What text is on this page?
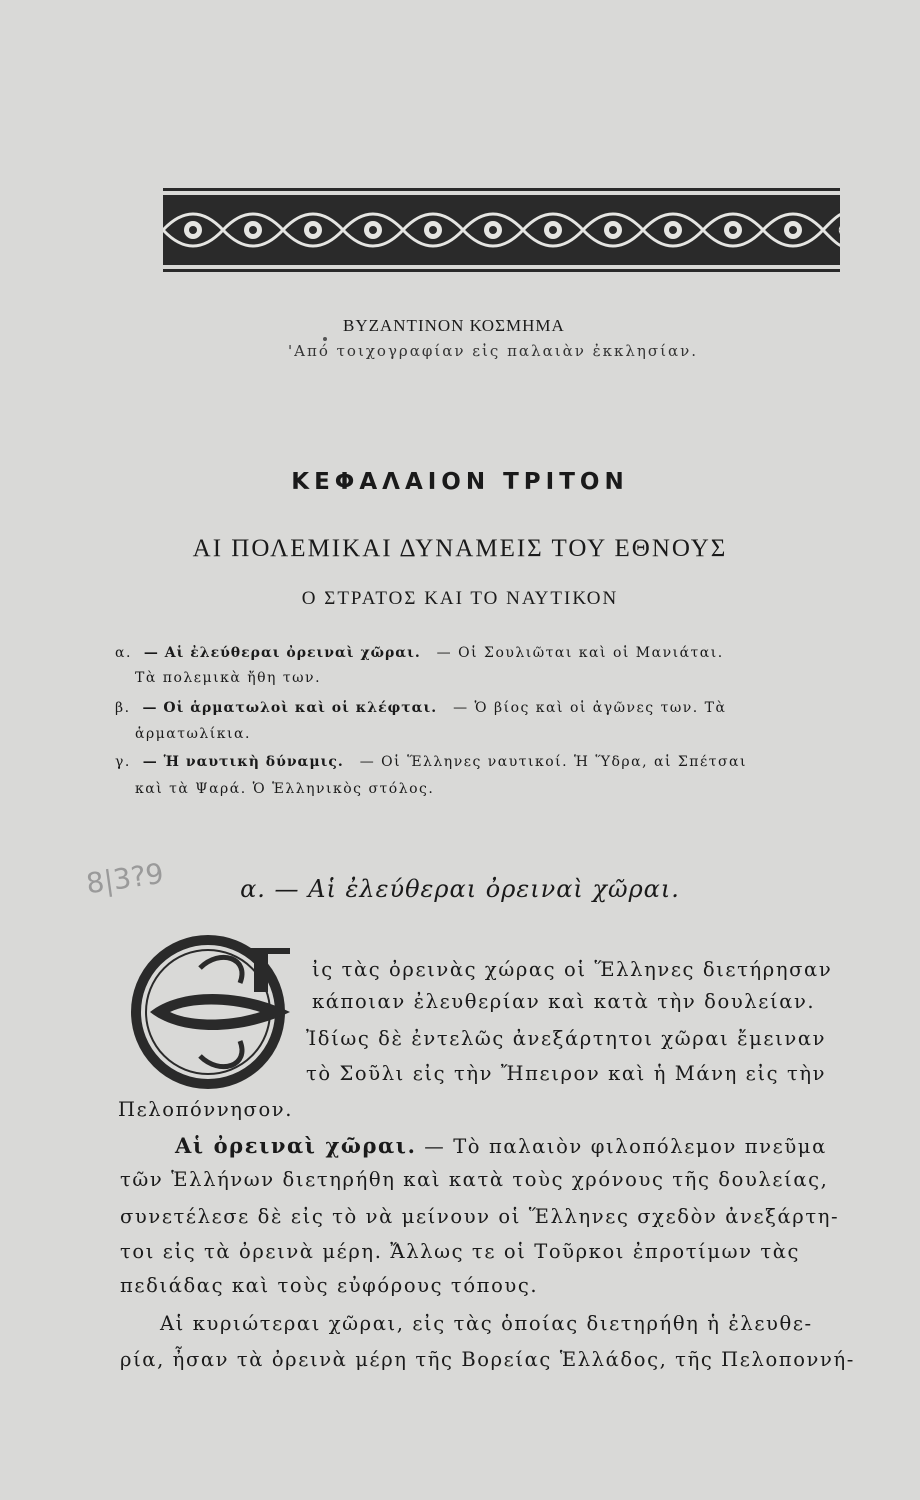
BYZANTINON ΚΟΣΜΗΜΑ
'Από τοιχογραφίαν εἰς παλαιὰν ἐκκλησίαν.
ΚΕΦΑΛΑΙΟΝ ΤΡΙΤΟΝ
ΑΙ ΠΟΛΕΜΙΚΑΙ ΔΥΝΑΜΕΙΣ ΤΟΥ ΕΘΝΟΥΣ
Ο ΣΤΡΑΤΟΣ ΚΑΙ ΤΟ ΝΑΥΤΙΚΟΝ
α. — Αἱ ἐλεύθεραι ὀρειναὶ χῶραι. — Οἱ Σουλιῶται καὶ οἱ Μανιάται.
Τὰ πολεμικὰ ἤθη των.
β. — Οἱ ἁρματωλοὶ καὶ οἱ κλέφται. — Ὁ βίος καὶ οἱ ἀγῶνες των. Τὰ
ἁρματωλίκια.
γ. — Ἡ ναυτικὴ δύναμις. — Οἱ Ἕλληνες ναυτικοί. Ἡ Ὕδρα, αἱ Σπέτσαι
καὶ τὰ Ψαρά. Ὁ Ἑλληνικὸς στόλος.
8|3?9	α. — Αἱ ἐλεύθεραι ὀρειναὶ χῶραι.
ἰς τὰς ὀρεινὰς χώρας οἱ Ἕλληνες διετήρησαν
κάποιαν ἐλευθερίαν καὶ κατὰ τὴν δουλείαν.
Ἰδίως δὲ ἐντελῶς ἀνεξάρτητοι χῶραι ἔμειναν
τὸ Σοῦλι εἰς τὴν Ἤπειρον καὶ ἡ Μάνη εἰς τὴν
Πελοπόννησον.
Αἱ ὀρειναὶ χῶραι. — Τὸ παλαιὸν φιλοπόλεμον πνεῦμα
τῶν Ἑλλήνων διετηρήθη καὶ κατὰ τοὺς χρόνους τῆς δουλείας,
συνετέλεσε δὲ εἰς τὸ νὰ μείνουν οἱ Ἕλληνες σχεδὸν ἀνεξάρτη-
τοι εἰς τὰ ὀρεινὰ μέρη. Ἄλλως τε οἱ Τοῦρκοι ἐπροτίμων τὰς
πεδιάδας καὶ τοὺς εὐφόρους τόπους.
Αἱ κυριώτεραι χῶραι, εἰς τὰς ὁποίας διετηρήθη ἡ ἐλευθε-
ρία, ἦσαν τὰ ὀρεινὰ μέρη τῆς Βορείας Ἑλλάδος, τῆς Πελοποννή-
